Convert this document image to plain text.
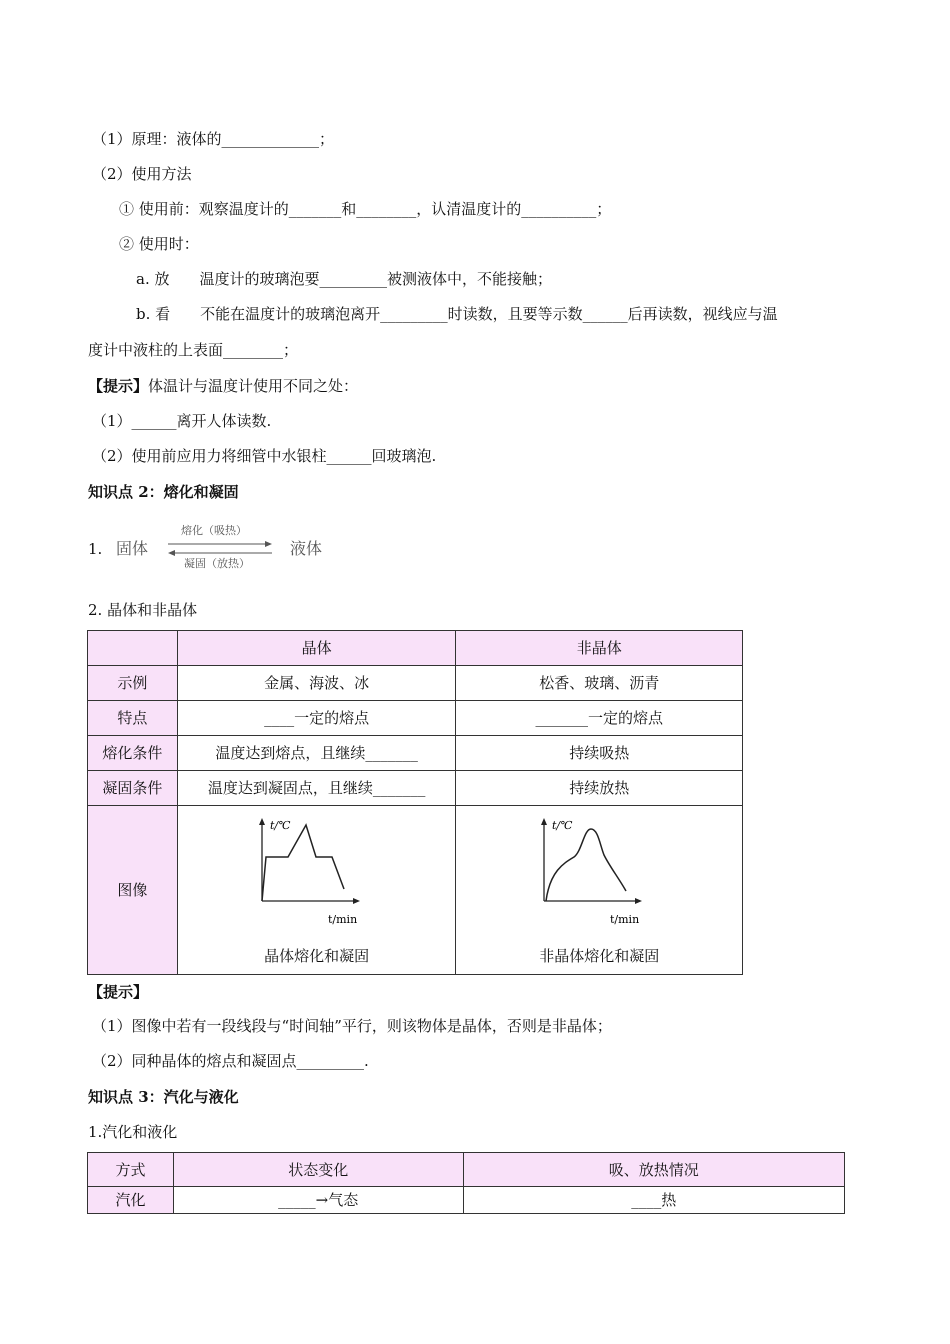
（1）原理：液体的_____________；
（2）使用方法
① 使用前：观察温度计的_______和________，认清温度计的__________；
② 使用时：
a. 放　　温度计的玻璃泡要_________被测液体中，不能接触；
b. 看　　不能在温度计的玻璃泡离开_________时读数，且要等示数______后再读数，视线应与温
度计中液柱的上表面________；
【提示】体温计与温度计使用不同之处：
（1）______离开人体读数.
（2）使用前应用力将细管中水银柱______回玻璃泡.
知识点 2：熔化和凝固
1. 固体
熔化（吸热）
凝固（放热）
液体
2. 晶体和非晶体
	晶体	非晶体
示例	金属、海波、冰	松香、玻璃、沥青
特点	____一定的熔点	_______一定的熔点
熔化条件	温度达到熔点，且继续_______	持续吸热
凝固条件	温度达到凝固点，且继续_______	持续放热
图像	t/℃
t/min
晶体熔化和凝固	t/℃
t/min
非晶体熔化和凝固
【提示】
（1）图像中若有一段线段与“时间轴”平行，则该物体是晶体，否则是非晶体；
（2）同种晶体的熔点和凝固点_________.
知识点 3：汽化与液化
1.汽化和液化
方式	状态变化	吸、放热情况
汽化	_____→气态	____热
